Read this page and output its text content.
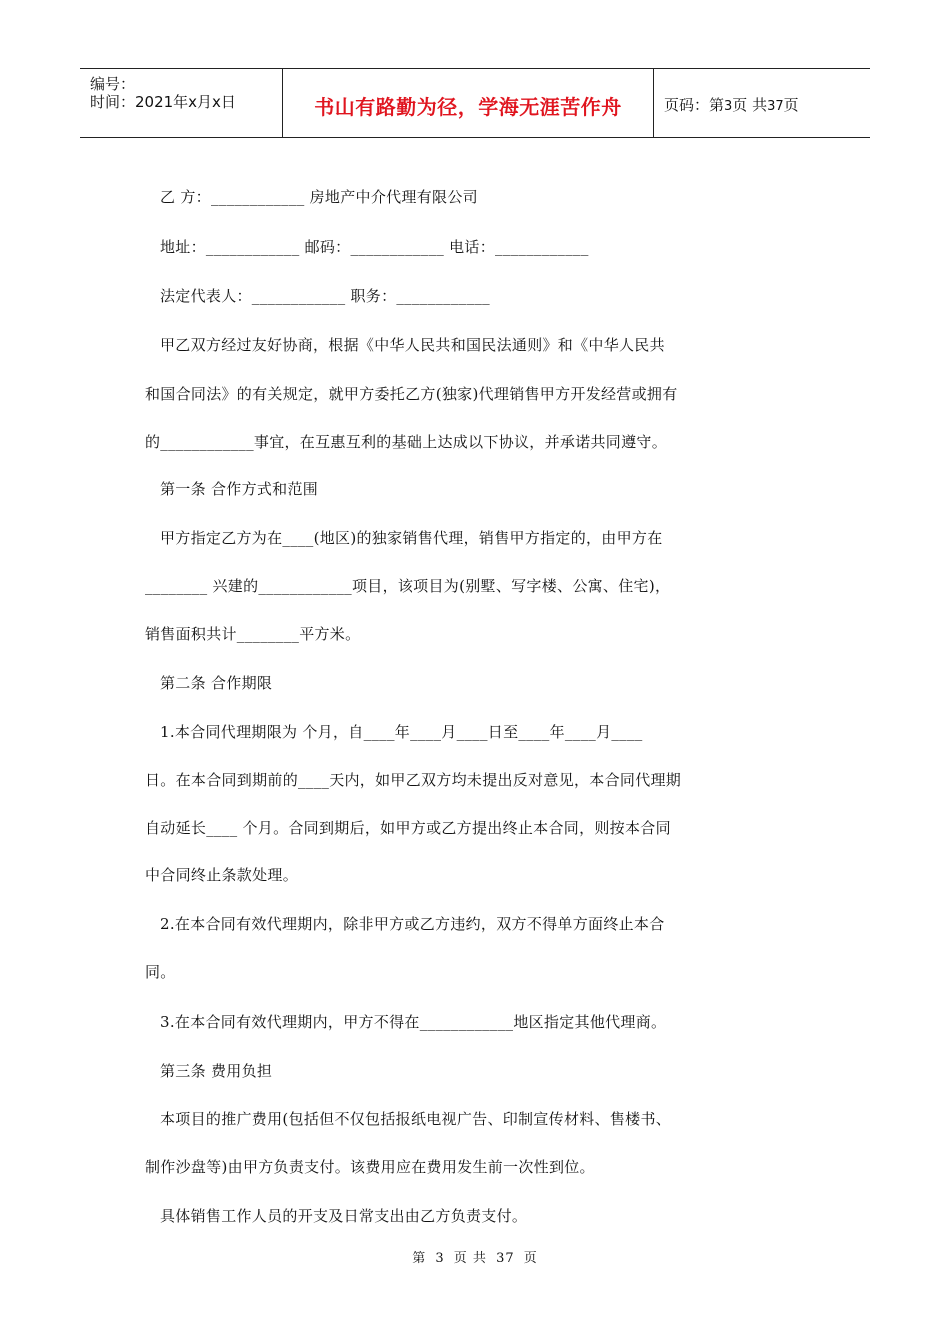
编号：
时间：2021年x月x日	书山有路勤为径，学海无涯苦作舟	页码：第3页 共37页
乙 方：____________ 房地产中介代理有限公司
地址：____________ 邮码：____________ 电话：____________
法定代表人：____________ 职务：____________
甲乙双方经过友好协商，根据《中华人民共和国民法通则》和《中华人民共
和国合同法》的有关规定，就甲方委托乙方(独家)代理销售甲方开发经营或拥有
的____________事宜，在互惠互利的基础上达成以下协议，并承诺共同遵守。
第一条 合作方式和范围
甲方指定乙方为在____(地区)的独家销售代理，销售甲方指定的，由甲方在
________ 兴建的____________项目，该项目为(别墅、写字楼、公寓、住宅)，
销售面积共计________平方米。
第二条 合作期限
1.本合同代理期限为 个月，自____年____月____日至____年____月____
日。在本合同到期前的____天内，如甲乙双方均未提出反对意见，本合同代理期
自动延长____ 个月。合同到期后，如甲方或乙方提出终止本合同，则按本合同
中合同终止条款处理。
2.在本合同有效代理期内，除非甲方或乙方违约，双方不得单方面终止本合
同。
3.在本合同有效代理期内，甲方不得在____________地区指定其他代理商。
第三条 费用负担
本项目的推广费用(包括但不仅包括报纸电视广告、印制宣传材料、售楼书、
制作沙盘等)由甲方负责支付。该费用应在费用发生前一次性到位。
具体销售工作人员的开支及日常支出由乙方负责支付。
第 3 页 共 37 页
